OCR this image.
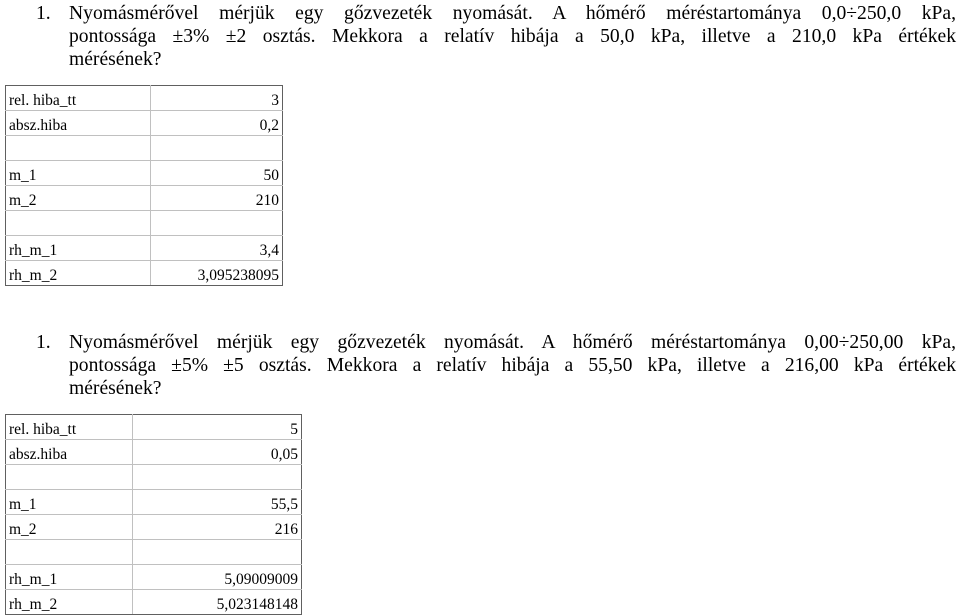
1. Nyomásmérővel mérjük egy gőzvezeték nyomását. A hőmérő méréstartománya 0,0÷250,0 kPa,
pontossága ±3% ±2 osztás. Mekkora a relatív hibája a 50,0 kPa, illetve a 210,0 kPa értékek
mérésének?
rel. hiba_tt	3
absz.hiba	0,2

m_1	50
m_2	210

rh_m_1	3,4
rh_m_2	3,095238095
1. Nyomásmérővel mérjük egy gőzvezeték nyomását. A hőmérő méréstartománya 0,00÷250,00 kPa,
pontossága ±5% ±5 osztás. Mekkora a relatív hibája a 55,50 kPa, illetve a 216,00 kPa értékek
mérésének?
rel. hiba_tt	5
absz.hiba	0,05

m_1	55,5
m_2	216

rh_m_1	5,09009009
rh_m_2	5,023148148
